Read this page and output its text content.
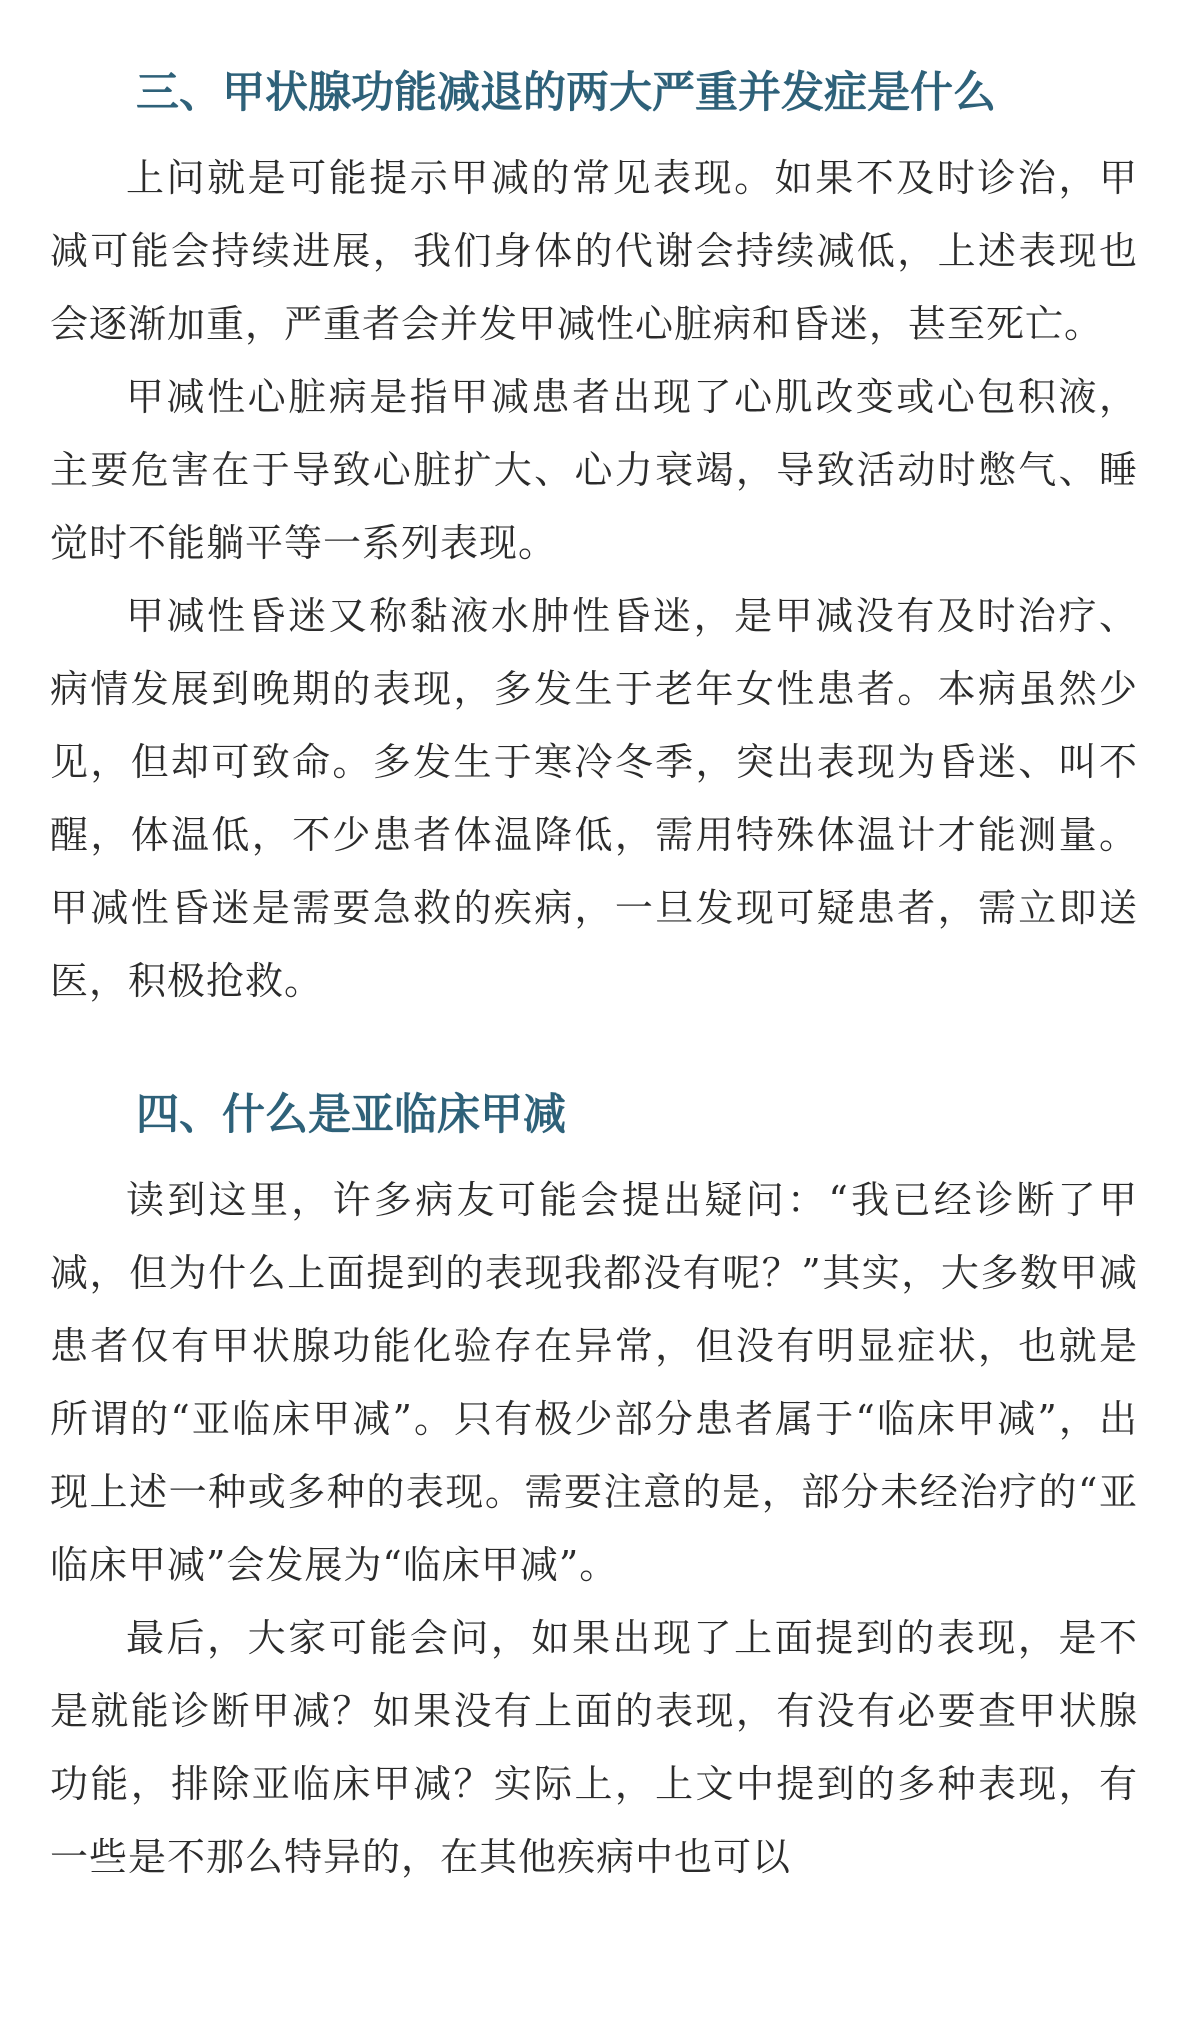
三、甲状腺功能减退的两大严重并发症是什么

上问就是可能提示甲减的常见表现。如果不及时诊治，甲减可能会持续进展，我们身体的代谢会持续减低，上述表现也会逐渐加重，严重者会并发甲减性心脏病和昏迷，甚至死亡。

甲减性心脏病是指甲减患者出现了心肌改变或心包积液，主要危害在于导致心脏扩大、心力衰竭，导致活动时憋气、睡觉时不能躺平等一系列表现。

甲减性昏迷又称黏液水肿性昏迷，是甲减没有及时治疗、病情发展到晚期的表现，多发生于老年女性患者。本病虽然少见，但却可致命。多发生于寒冷冬季，突出表现为昏迷、叫不醒，体温低，不少患者体温降低，需用特殊体温计才能测量。甲减性昏迷是需要急救的疾病，一旦发现可疑患者，需立即送医，积极抢救。

四、什么是亚临床甲减

读到这里，许多病友可能会提出疑问：“我已经诊断了甲减，但为什么上面提到的表现我都没有呢？”其实，大多数甲减患者仅有甲状腺功能化验存在异常，但没有明显症状，也就是所谓的“亚临床甲减”。只有极少部分患者属于“临床甲减”，出现上述一种或多种的表现。需要注意的是，部分未经治疗的“亚临床甲减”会发展为“临床甲减”。

最后，大家可能会问，如果出现了上面提到的表现，是不是就能诊断甲减？如果没有上面的表现，有没有必要查甲状腺功能，排除亚临床甲减？实际上，上文中提到的多种表现，有一些是不那么特异的，在其他疾病中也可以
